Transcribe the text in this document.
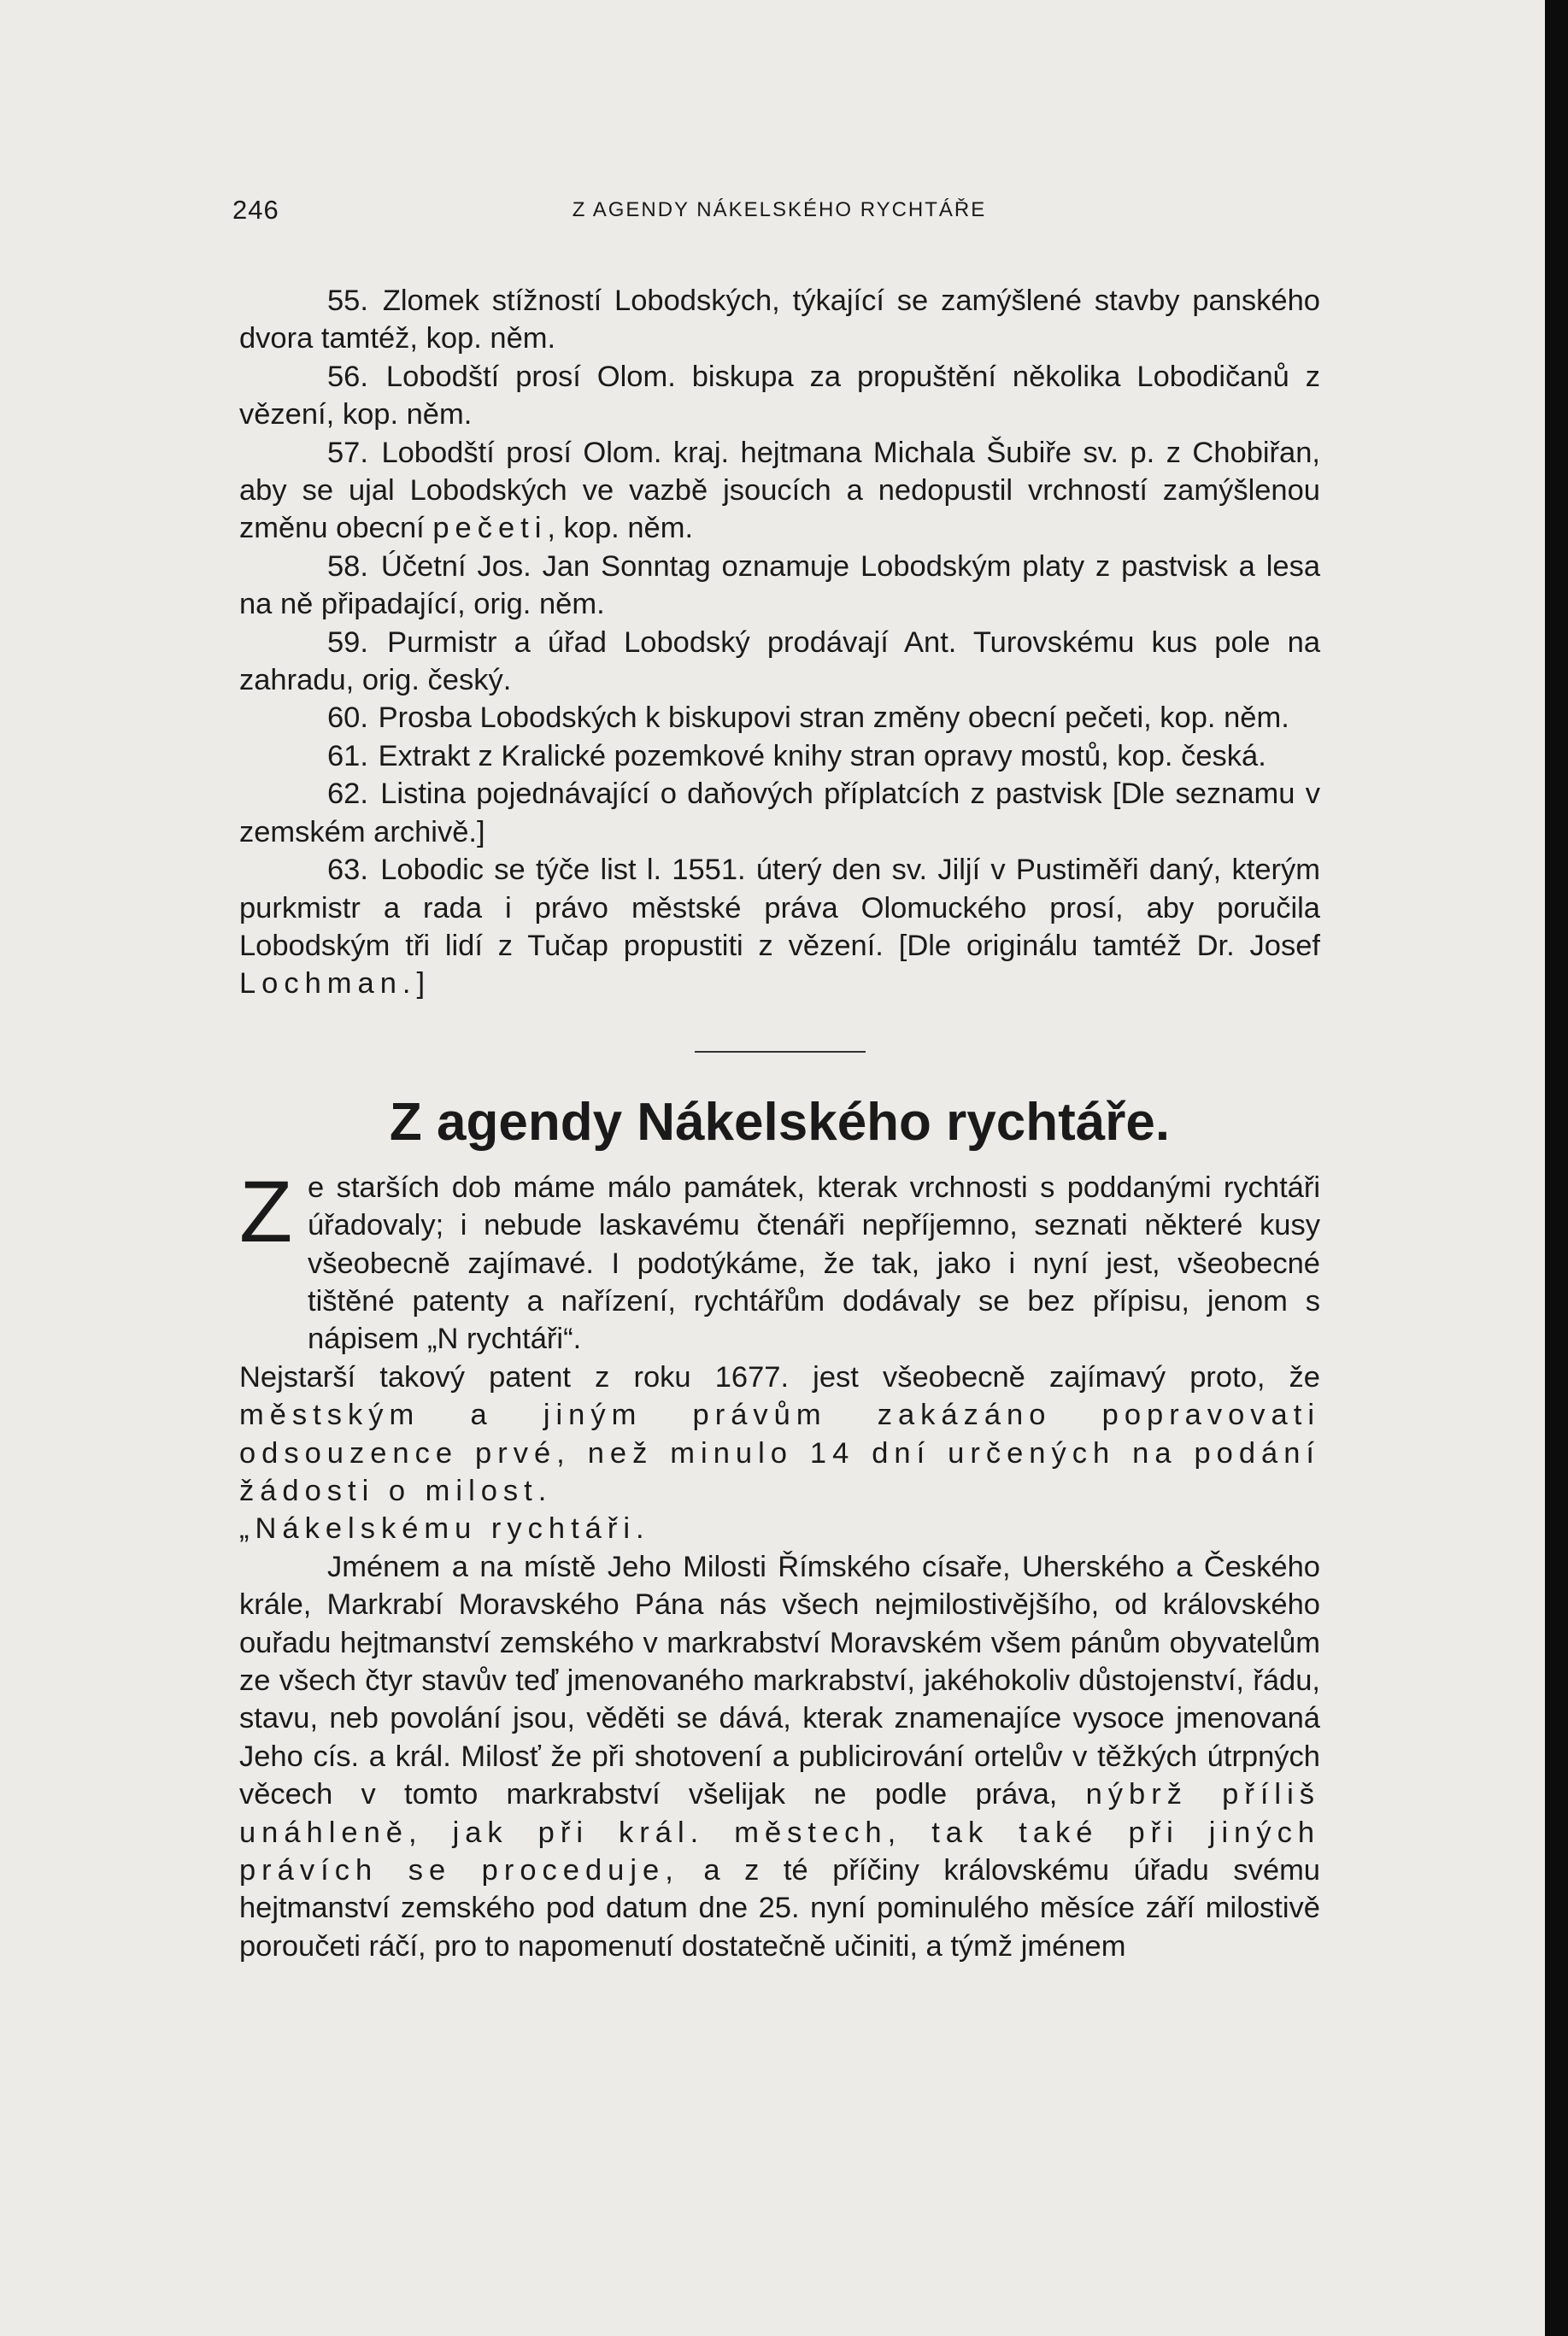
246	Z AGENDY NÁKELSKÉHO RYCHTÁŘE

55. Zlomek stížností Lobodských, týkající se zamýšlené stavby panského dvora tamtéž, kop. něm.

56. Lobodští prosí Olom. biskupa za propuštění několika Lobodičanů z vězení, kop. něm.

57. Lobodští prosí Olom. kraj. hejtmana Michala Šubiře sv. p. z Chobiřan, aby se ujal Lobodských ve vazbě jsoucích a nedopustil vrchností zamýšlenou změnu obecní pečeti, kop. něm.

58. Účetní Jos. Jan Sonntag oznamuje Lobodským platy z pastvisk a lesa na ně připadající, orig. něm.

59. Purmistr a úřad Lobodský prodávají Ant. Turovskému kus pole na zahradu, orig. český.

60. Prosba Lobodských k biskupovi stran změny obecní pečeti, kop. něm.

61. Extrakt z Kralické pozemkové knihy stran opravy mostů, kop. česká.

62. Listina pojednávající o daňových příplatcích z pastvisk [Dle seznamu v zemském archivě.]

63. Lobodic se týče list l. 1551. úterý den sv. Jiljí v Pustiměři daný, kterým purkmistr a rada i právo městské práva Olomuckého prosí, aby poručila Lobodským tři lidí z Tučap propustiti z vězení. [Dle originálu tamtéž Dr. Josef Lochman.]

Z agendy Nákelského rychtáře.

Z e starších dob máme málo památek, kterak vrchnosti s poddanými rychtáři úřadovaly; i nebude laskavému čtenáři nepříjemno, seznati některé kusy všeobecně zajímavé. I podotýkáme, že tak, jako i nyní jest, všeobecné tištěné patenty a nařízení, rychtářům dodávaly se bez přípisu, jenom s nápisem „N rychtáři“.

Nejstarší takový patent z roku 1677. jest všeobecně zajímavý proto, že městským a jiným právům zakázáno popravovati odsouzence prvé, než minulo 14 dní určených na podání žádosti o milost.

„Nákelskému rychtáři.

Jménem a na místě Jeho Milosti Římského císaře, Uherského a Českého krále, Markrabí Moravského Pána nás všech nejmilostivějšího, od královského ouřadu hejtmanství zemského v markrabství Moravském všem pánům obyvatelům ze všech čtyr stavův teď jmenovaného markrabství, jakéhokoliv důstojenství, řádu, stavu, neb povolání jsou, věděti se dává, kterak znamenajíce vysoce jmenovaná Jeho cís. a král. Milosť že při shotovení a publicirování ortelův v těžkých útrpných věcech v tomto markrabství všelijak ne podle práva, nýbrž příliš unáhleně, jak při král. městech, tak také při jiných právích se proceduje, a z té příčiny královskému úřadu svému hejtmanství zemského pod datum dne 25. nyní pominulého měsíce září milostivě poroučeti ráčí, pro to napomenutí dostatečně učiniti, a týmž jménem
